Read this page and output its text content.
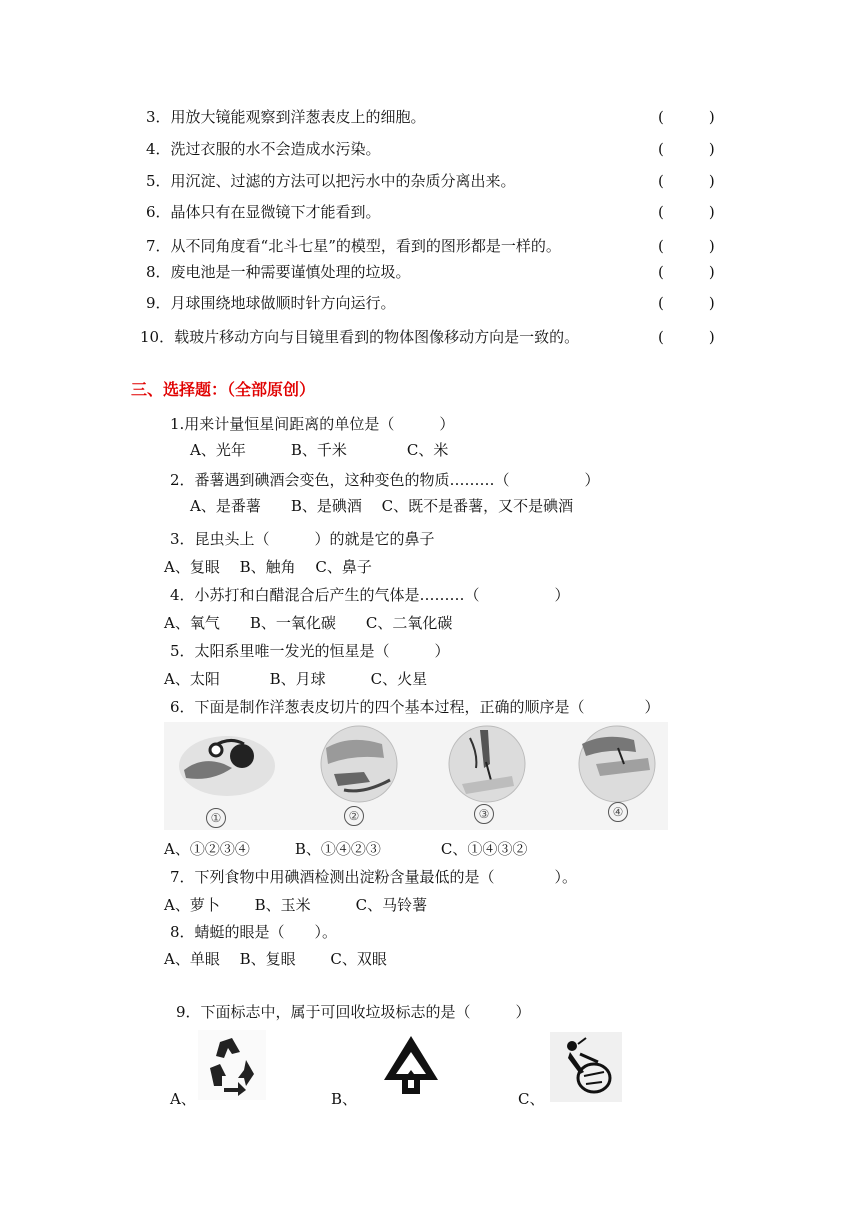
3．用放大镜能观察到洋葱表皮上的细胞。	(　　　)
4．洗过衣服的水不会造成水污染。	(　　　)
5．用沉淀、过滤的方法可以把污水中的杂质分离出来。	(　　　)
6．晶体只有在显微镜下才能看到。	(　　　)
7．从不同角度看“北斗七星”的模型，看到的图形都是一样的。	(　　　)
8．废电池是一种需要谨慎处理的垃圾。	(　　　)
9．月球围绕地球做顺时针方向运行。	(　　　)
10．载玻片移动方向与目镜里看到的物体图像移动方向是一致的。	(　　　)
三、选择题：（全部原创）
1.用来计量恒星间距离的单位是（　　　）
A、光年　　　B、千米　　　　C、米
2．番薯遇到碘酒会变色，这种变色的物质………（　　　　　）
A、是番薯　　B、是碘酒　 C、既不是番薯，又不是碘酒
3．昆虫头上（　　　）的就是它的鼻子
A、复眼　 B、触角　 C、鼻子
4．小苏打和白醋混合后产生的气体是………（　　　　　）
A、氧气　　B、一氧化碳　　C、二氧化碳
5．太阳系里唯一发光的恒星是（　　　）
A、太阳　　　 B、月球　　　C、火星
6．下面是制作洋葱表皮切片的四个基本过程，正确的顺序是（　　　　）
①	②	③	④
A、①②③④　　　B、①④②③　　　　C、①④③②
7．下列食物中用碘酒检测出淀粉含量最低的是（　　　　）。
A、萝卜　　 B、玉米　　　C、马铃薯
8．蜻蜓的眼是（　　）。
A、单眼　 B、复眼　　 C、双眼
9．下面标志中，属于可回收垃圾标志的是（　　　）
A、	B、	C、
